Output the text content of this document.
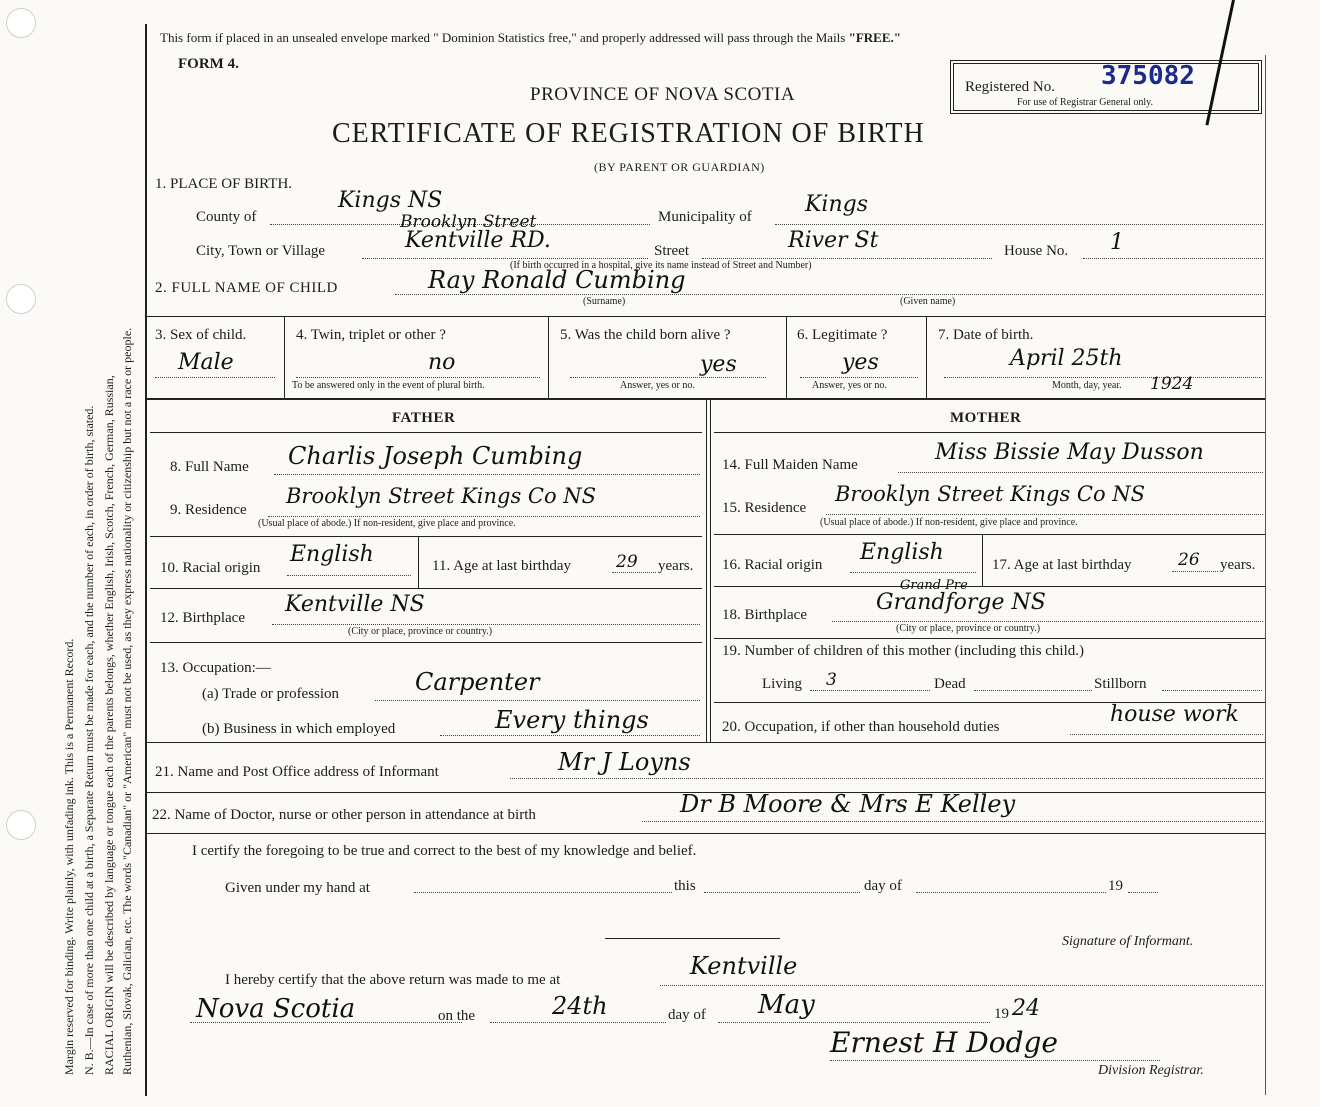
Margin reserved for binding. Write plainly, with unfading ink. This is a Permanent Record. N. B.—In case of more than one child at a birth, a Separate Return must be made for each, and the number of each, in order of birth, stated. RACIAL ORIGIN will be described by language or tongue each of the parents belongs, whether English, Irish, Scotch, French, German, Russian, Ruthenian, Slovak, Galician, etc. The words "Canadian" or "American" must not be used, as they express nationality or citizenship but not a race or people.
This form if placed in an unsealed envelope marked " Dominion Statistics free," and properly addressed will pass through the Mails "FREE."
FORM 4.
PROVINCE OF NOVA SCOTIA
CERTIFICATE OF REGISTRATION OF BIRTH
(BY PARENT OR GUARDIAN)
Registered No. 375082
For use of Registrar General only.
1. PLACE OF BIRTH.
County of
Kings NS
Brooklyn Street	Municipality of Kings
City, Town or Village	Kentville RD.	Street	River St	House No. 1
(If birth occurred in a hospital, give its name instead of Street and Number)
2. FULL NAME OF CHILD	Ray Ronald Cumbing
(Surname)	(Given name)
3. Sex of child.
Male
4. Twin, triplet or other ?
no
To be answered only in the event of plural birth.
5. Was the child born alive ?
yes
Answer, yes or no.
6. Legitimate ?
yes
Answer, yes or no.
7. Date of birth.
April 25th
1924
Month, day, year.
FATHER	MOTHER
8. Full Name Charlis Joseph Cumbing
9. Residence
Brooklyn Street Kings Co NS
(Usual place of abode.) If non-resident, give place and province.
10. Racial origin
English	11. Age at last birthday	29 years.
12. Birthplace
Kentville NS
(City or place, province or country.)
13. Occupation:—
(a) Trade or profession	Carpenter
(b) Business in which employed	Every things
14. Full Maiden Name	Miss Bissie May Dusson
15. Residence
Brooklyn Street Kings Co NS
(Usual place of abode.) If non-resident, give place and province.
16. Racial origin English	17. Age at last birthday	26 years.
18. Birthplace	Grandforge NS
Grand Pre
(City or place, province or country.)
19. Number of children of this mother (including this child.)
Living 3	Dead	Stillborn
20. Occupation, if other than household duties	house work
21. Name and Post Office address of Informant	Mr J Loyns
22. Name of Doctor, nurse or other person in attendance at birth	Dr B Moore & Mrs E Kelley
I certify the foregoing to be true and correct to the best of my knowledge and belief.
Given under my hand at	this	day of	19
Signature of Informant.
I hereby certify that the above return was made to me at	Kentville
Nova Scotia	on the	24th	day of May	19 24
Ernest H Dodge
Division Registrar.
